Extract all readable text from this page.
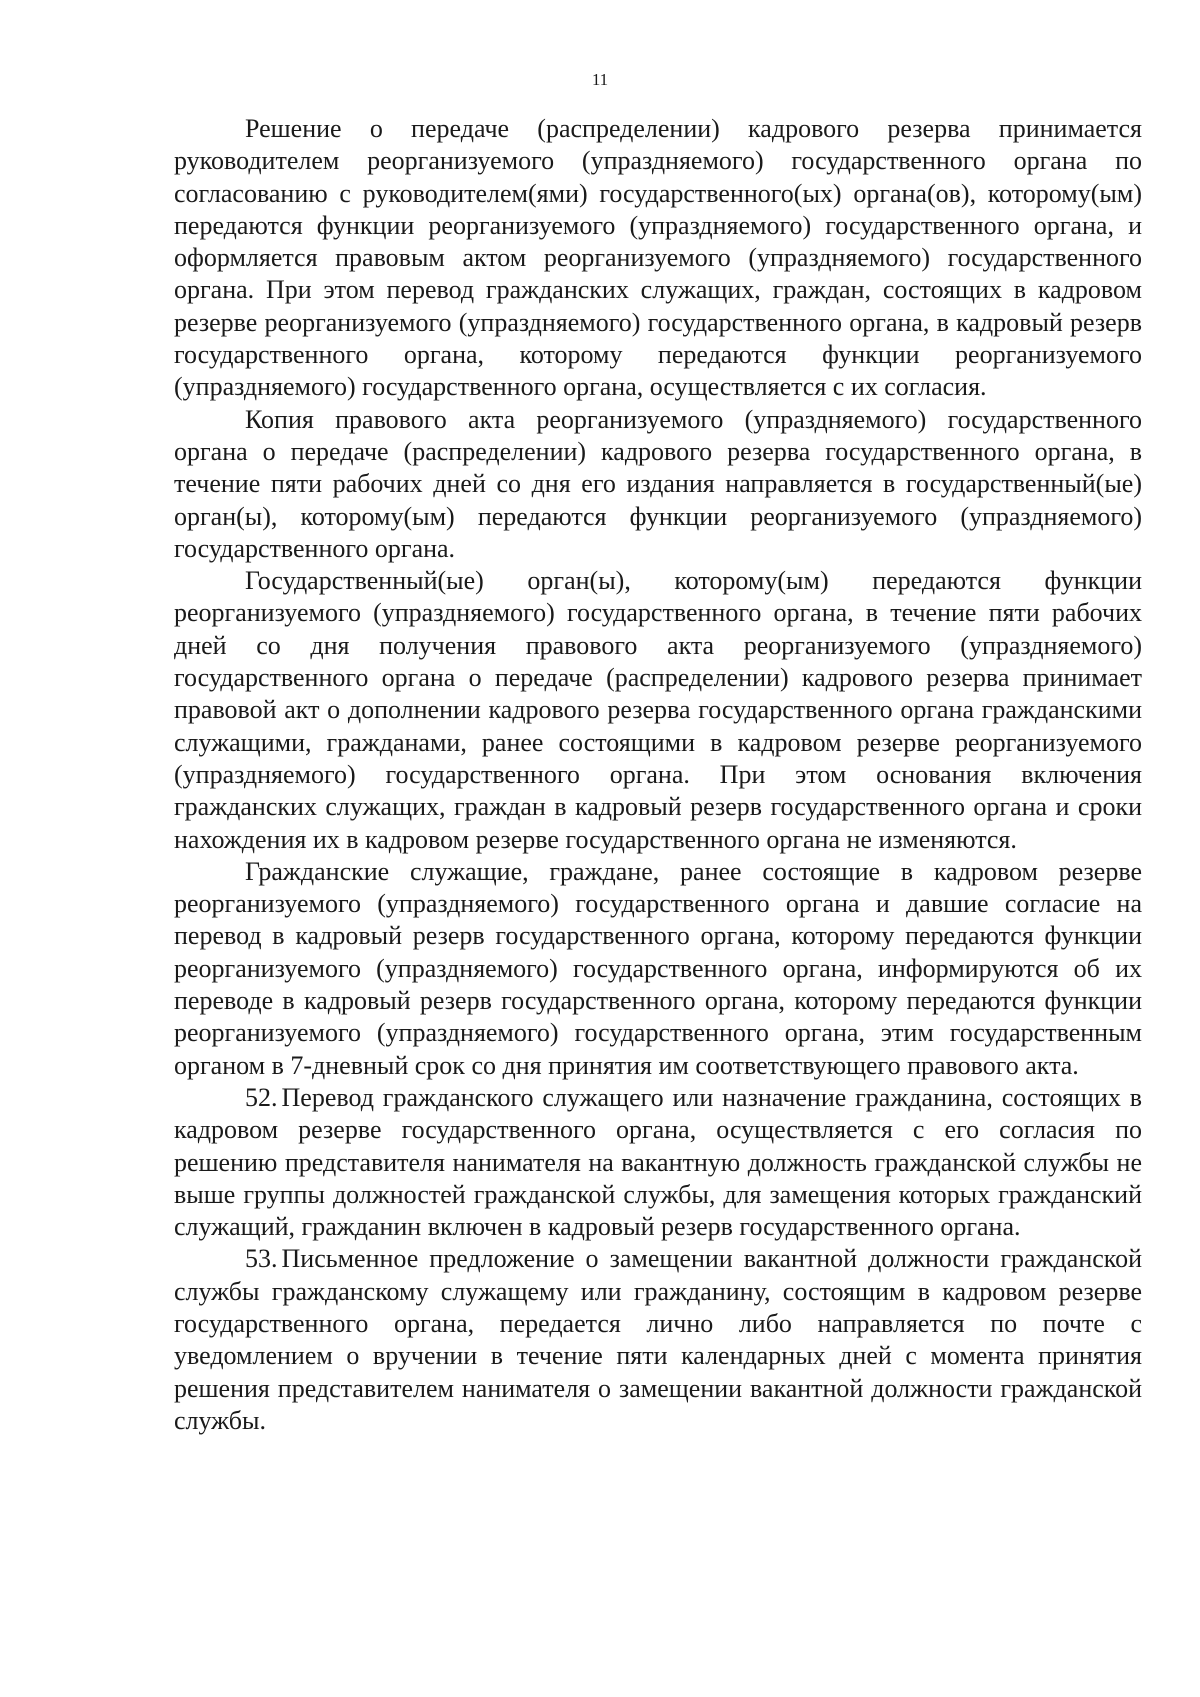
11

Решение о передаче (распределении) кадрового резерва принимается руководителем реорганизуемого (упраздняемого) государственного органа по согласованию с руководителем(ями) государственного(ых) органа(ов), которому(ым) передаются функции реорганизуемого (упраздняемого) государственного органа, и оформляется правовым актом реорганизуемого (упраздняемого) государственного органа. При этом перевод гражданских служащих, граждан, состоящих в кадровом резерве реорганизуемого (упраздняемого) государственного органа, в кадровый резерв государственного органа, которому передаются функции реорганизуемого (упраздняемого) государственного органа, осуществляется с их согласия.

Копия правового акта реорганизуемого (упраздняемого) государственного органа о передаче (распределении) кадрового резерва государственного органа, в течение пяти рабочих дней со дня его издания направляется в государственный(ые) орган(ы), которому(ым) передаются функции реорганизуемого (упраздняемого) государственного органа.

Государственный(ые) орган(ы), которому(ым) передаются функции реорганизуемого (упраздняемого) государственного органа, в течение пяти рабочих дней со дня получения правового акта реорганизуемого (упраздняемого) государственного органа о передаче (распределении) кадрового резерва принимает правовой акт о дополнении кадрового резерва государственного органа гражданскими служащими, гражданами, ранее состоящими в кадровом резерве реорганизуемого (упраздняемого) государственного органа. При этом основания включения гражданских служащих, граждан в кадровый резерв государственного органа и сроки нахождения их в кадровом резерве государственного органа не изменяются.

Гражданские служащие, граждане, ранее состоящие в кадровом резерве реорганизуемого (упраздняемого) государственного органа и давшие согласие на перевод в кадровый резерв государственного органа, которому передаются функции реорганизуемого (упраздняемого) государственного органа, информируются об их переводе в кадровый резерв государственного органа, которому передаются функции реорганизуемого (упраздняемого) государственного органа, этим государственным органом в 7-дневный срок со дня принятия им соответствующего правового акта.

52. Перевод гражданского служащего или назначение гражданина, состоящих в кадровом резерве государственного органа, осуществляется с его согласия по решению представителя нанимателя на вакантную должность гражданской службы не выше группы должностей гражданской службы, для замещения которых гражданский служащий, гражданин включен в кадровый резерв государственного органа.

53. Письменное предложение о замещении вакантной должности гражданской службы гражданскому служащему или гражданину, состоящим в кадровом резерве государственного органа, передается лично либо направляется по почте с уведомлением о вручении в течение пяти календарных дней с момента принятия решения представителем нанимателя о замещении вакантной должности гражданской службы.
